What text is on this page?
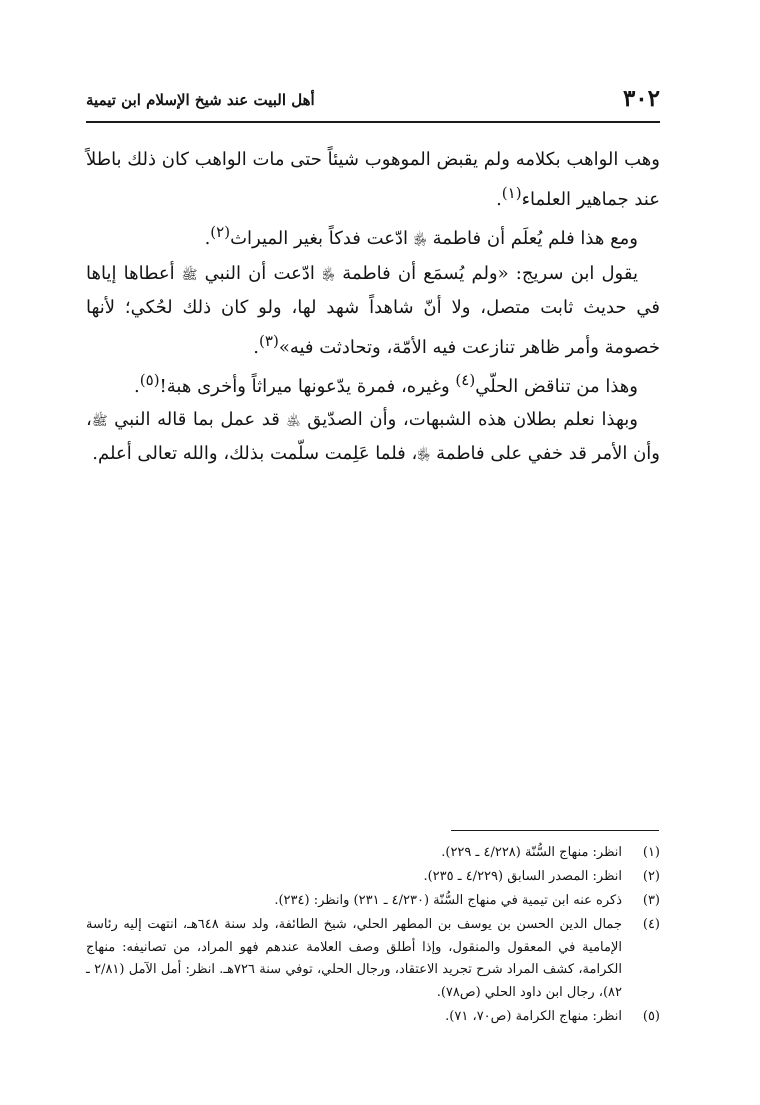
٣٠٢
أهل البيت عند شيخ الإسلام ابن تيمية

وهب الواهب بكلامه ولم يقبض الموهوب شيئاً حتى مات الواهب كان ذلك باطلاً عند جماهير العلماء$^{(١)}$.

ومع هذا فلم يُعلَم أن فاطمة ﵂ ادّعت فدكاً بغير الميراث$^{(٢)}$.

يقول ابن سريج: «ولم يُسمَع أن فاطمة ﵂ ادّعت أن النبي ﷺ أعطاها إياها في حديث ثابت متصل، ولا أنّ شاهداً شهد لها، ولو كان ذلك لحُكي؛ لأنها خصومة وأمر ظاهر تنازعت فيه الأمّة، وتحادثت فيه»$^{(٣)}$.

وهذا من تناقض الحلّي$^{(٤)}$ وغيره، فمرة يدّعونها ميراثاً وأخرى هبة!$^{(٥)}$.

وبهذا نعلم بطلان هذه الشبهات، وأن الصدّيق ﵁ قد عمل بما قاله النبي ﷺ، وأن الأمر قد خفي على فاطمة ﵂، فلما عَلِمت سلّمت بذلك، والله تعالى أعلم.

(١)
انظر: منهاج السُّنّة (٤/٢٢٨ ـ ٢٢٩).
(٢)
انظر: المصدر السابق (٤/٢٢٩ ـ ٢٣٥).
(٣)
ذكره عنه ابن تيمية في منهاج السُّنّة (٤/٢٣٠ ـ ٢٣١) وانظر: (٢٣٤).
(٤)
جمال الدين الحسن بن يوسف بن المطهر الحلي، شيخ الطائفة، ولد سنة ٦٤٨هـ، انتهت إليه رئاسة الإمامية في المعقول والمنقول، وإذا أطلق وصف العلامة عندهم فهو المراد، من تصانيفه: منهاج الكرامة، كشف المراد شرح تجريد الاعتقاد، ورجال الحلي، توفي سنة ٧٢٦هـ. انظر: أمل الآمل (٢/٨١ ـ ٨٢)، رجال ابن داود الحلي (ص٧٨).
(٥)
انظر: منهاج الكرامة (ص٧٠، ٧١).
